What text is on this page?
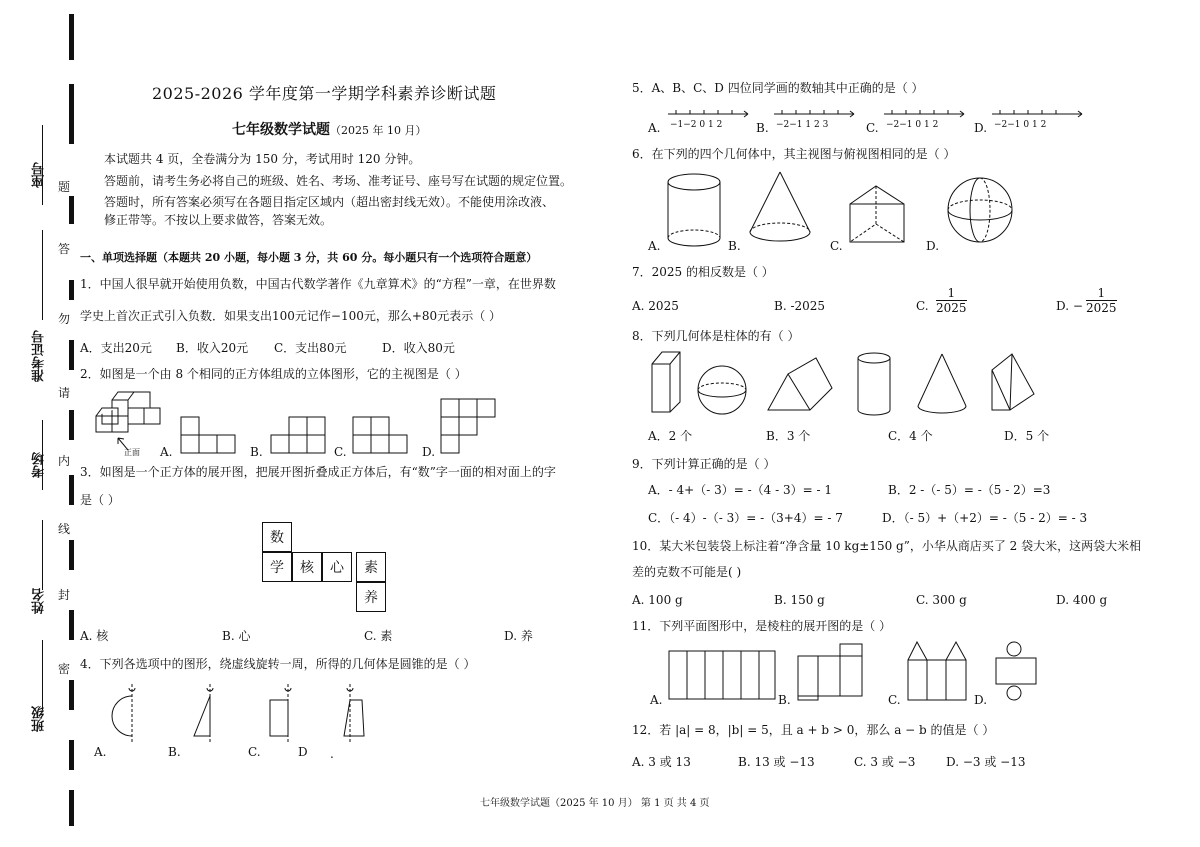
座号
准考证号
考场
姓名
班级
题
答
勿
请
内
线
封
密
2025-2026 学年度第一学期学科素养诊断试题
七年级数学试题（2025 年 10 月）
本试题共 4 页，全卷满分为 150 分，考试用时 120 分钟。
答题前，请考生务必将自己的班级、姓名、考场、准考证号、座号写在试题的规定位置。
答题时，所有答案必须写在各题目指定区域内（超出密封线无效）。不能使用涂改液、
修正带等。不按以上要求做答，答案无效。
一、单项选择题（本题共 20 小题，每小题 3 分，共 60 分。每小题只有一个选项符合题意）
1．中国人很早就开始使用负数，中国古代数学著作《九章算术》的“方程”一章，在世界数
学史上首次正式引入负数．如果支出100元记作−100元，那么+80元表示（ ）
A．支出20元 B．收入20元 C．支出80元	D．收入80元
2．如图是一个由 8 个相同的正方体组成的立体图形，它的主视图是（ ）
正面 A.	B.	C.	D.
3．如图是一个正方体的展开图，把展开图折叠成正方体后，有“数”字一面的相对面上的字
是（ ）
数
学	核	心	素
养
A. 核	B. 心	C. 素	D. 养
4．下列各选项中的图形，绕虚线旋转一周，所得的几何体是圆锥的是（ ）
A.	B.	C.	D .
七年级数学试题（2025 年 10 月） 第 1 页 共 4 页
5．A、B、C、D 四位同学画的数轴其中正确的是（ ）
A. −1−2 0 1 2	B. −2−1 1 2 3	C. −2−1 0 1 2	D. −2−1 0 1 2
6．在下列的四个几何体中，其主视图与俯视图相同的是（ ）
A.	B.	C.	D.
7．2025 的相反数是（ ）
A. 2025	B. -2025	C. $\frac{1}{2025}$	D. − $\frac{1}{2025}$
8．下列几何体是柱体的有（ ）
A．2 个	B．3 个	C．4 个	D．5 个
9．下列计算正确的是（ ）
A．- 4+（- 3）= -（4 - 3）= - 1	B．2 -（- 5）= -（5 - 2）=3
C．（- 4）-（- 3）= -（3+4）= - 7	D．（- 5）+（+2）= -（5 - 2）= - 3
10．某大米包装袋上标注着“净含量 10 kg±150 g”，小华从商店买了 2 袋大米，这两袋大米相
差的克数不可能是( )
A. 100 g	B. 150 g	C. 300 g	D. 400 g
11．下列平面图形中，是棱柱的展开图的是（ ）
A.	B.	C.	D.
12．若 |a| = 8，|b| = 5，且 a + b > 0，那么 a − b 的值是（ ）
A. 3 或 13	B. 13 或 −13	C. 3 或 −3	D. −3 或 −13
